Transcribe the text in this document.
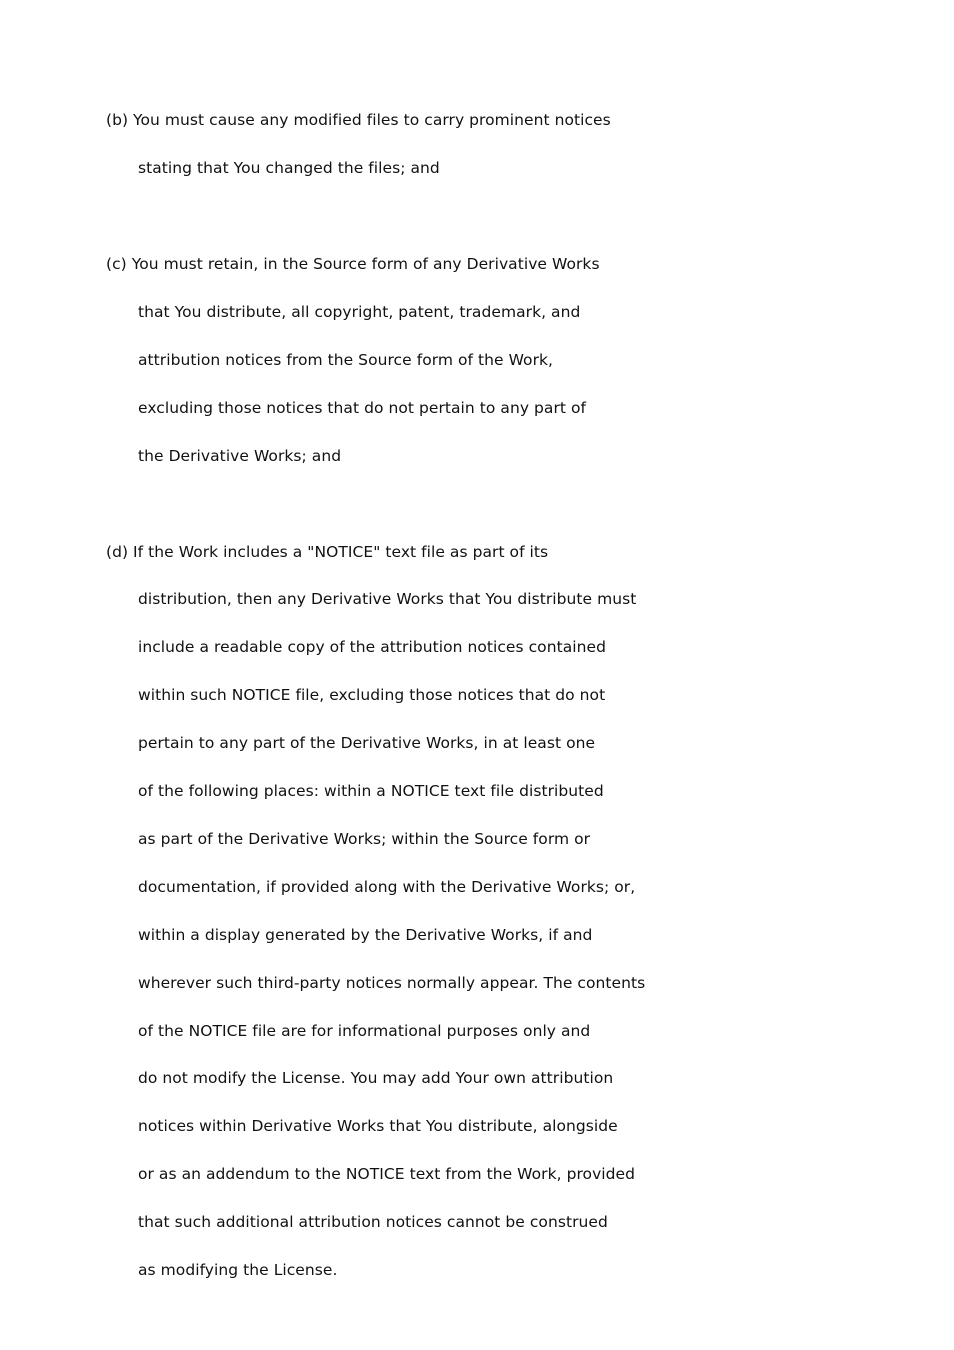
(b) You must cause any modified files to carry prominent notices
stating that You changed the files; and
(c) You must retain, in the Source form of any Derivative Works
that You distribute, all copyright, patent, trademark, and
attribution notices from the Source form of the Work,
excluding those notices that do not pertain to any part of
the Derivative Works; and
(d) If the Work includes a "NOTICE" text file as part of its
distribution, then any Derivative Works that You distribute must
include a readable copy of the attribution notices contained
within such NOTICE file, excluding those notices that do not
pertain to any part of the Derivative Works, in at least one
of the following places: within a NOTICE text file distributed
as part of the Derivative Works; within the Source form or
documentation, if provided along with the Derivative Works; or,
within a display generated by the Derivative Works, if and
wherever such third-party notices normally appear. The contents
of the NOTICE file are for informational purposes only and
do not modify the License. You may add Your own attribution
notices within Derivative Works that You distribute, alongside
or as an addendum to the NOTICE text from the Work, provided
that such additional attribution notices cannot be construed
as modifying the License.
